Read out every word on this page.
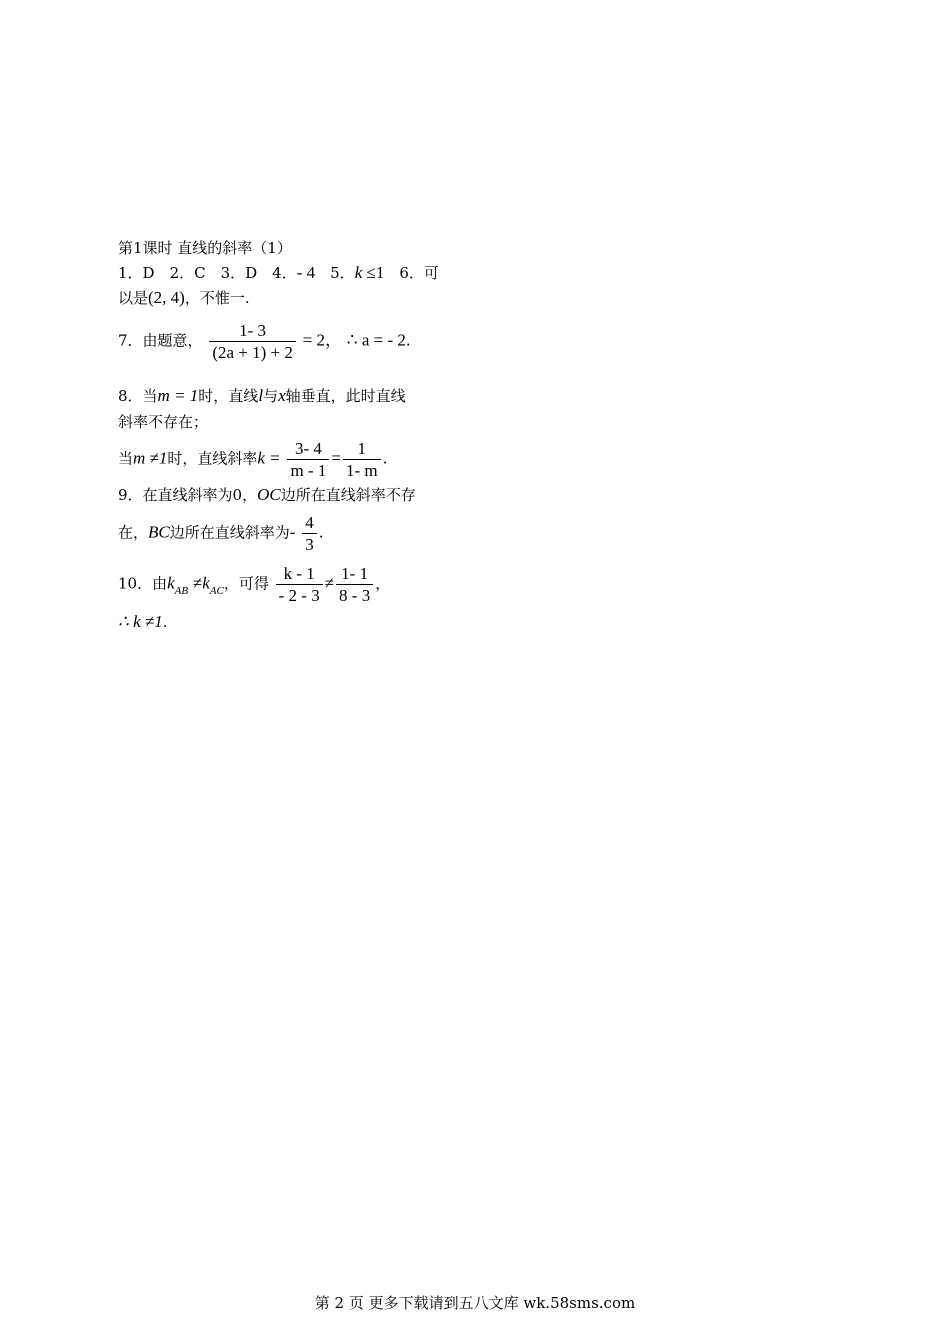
第1课时 直线的斜率（1）
1．D　2．C　3．D　4．- 4　5．k ≤1　6．可
以是(2, 4)，不惟一.
7．由题意， $\frac{1- 3}{(2a + 1) + 2} = 2$， ∴ a = - 2.
8．当m = 1时，直线l与x轴垂直，此时直线
斜率不存在；
当m ≠1时，直线斜率$k = \frac{3- 4}{m - 1} = \frac{1}{1- m}$ .
9．在直线斜率为0，OC边所在直线斜率不存
在，BC边所在直线斜率为- $\frac{4}{3}$ .
10．由$k_{AB} \ne k_{AC}$，可得 $\frac{k - 1}{- 2 - 3} \ne \frac{1- 1}{8 - 3}$ ，
∴ k ≠1.
第 2 页 更多下载请到五八文库 wk.58sms.com
